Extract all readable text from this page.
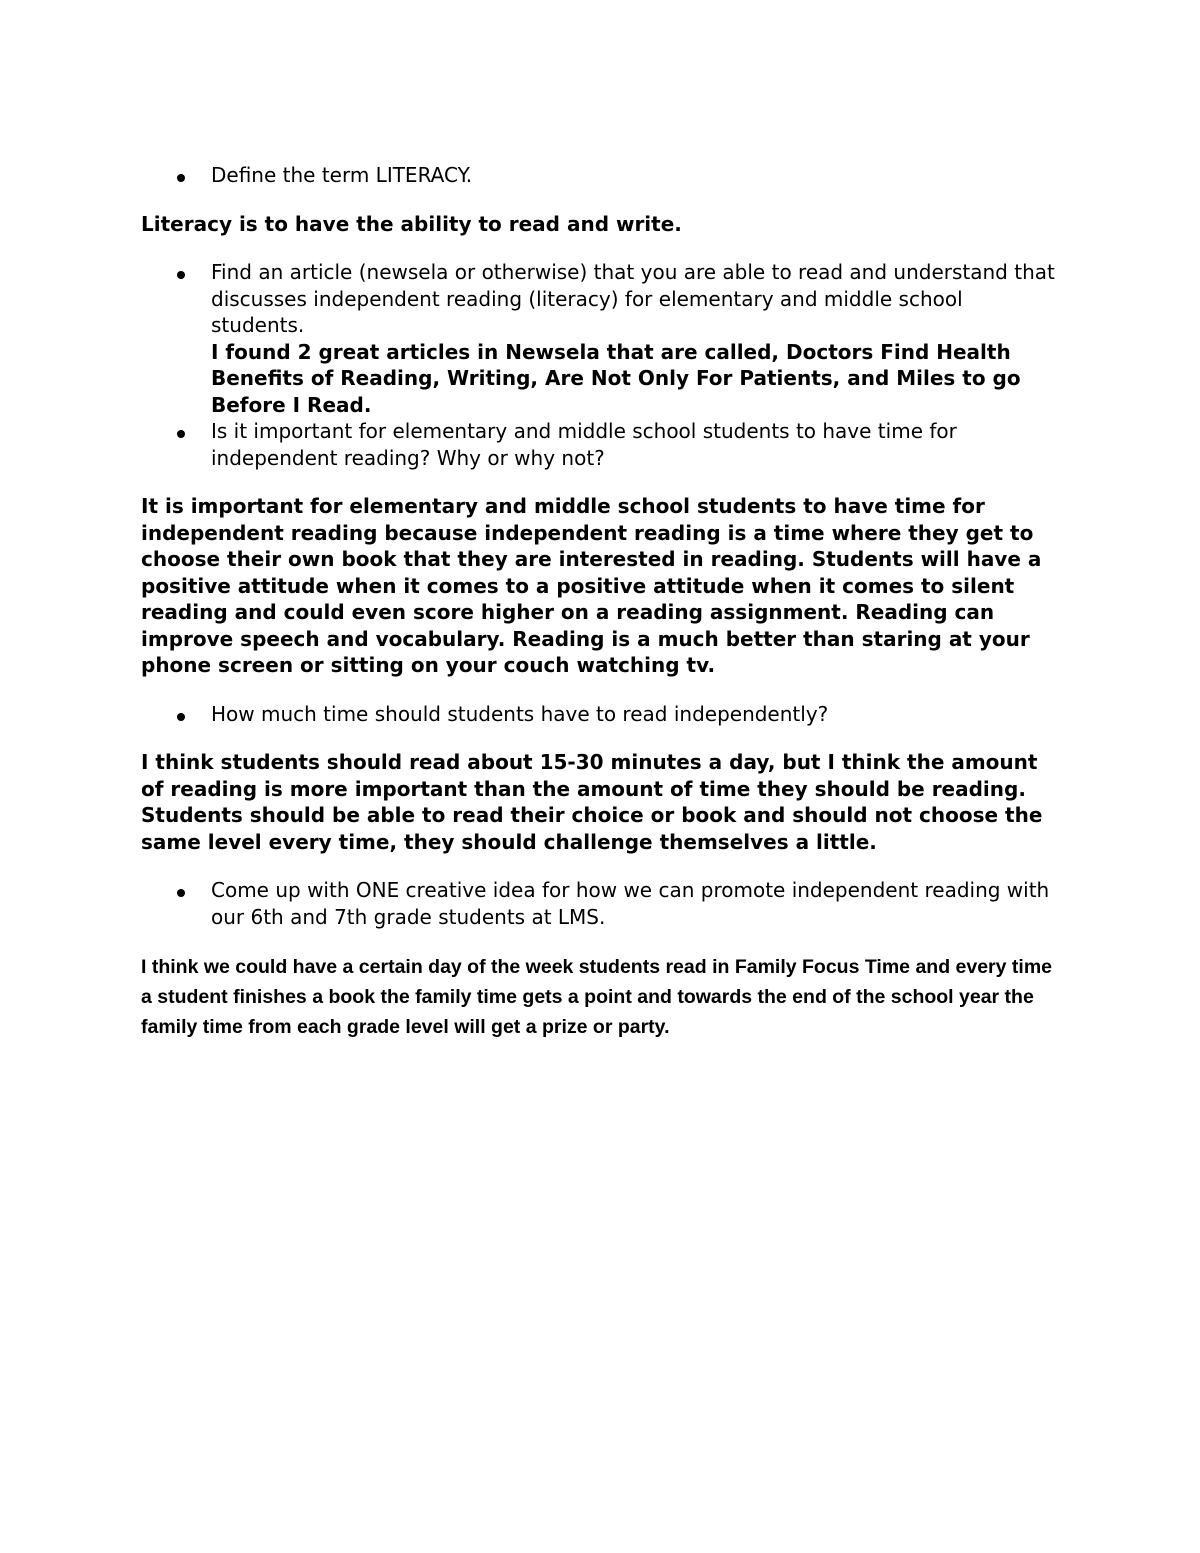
Define the term LITERACY.

Literacy is to have the ability to read and write.

Find an article (newsela or otherwise) that you are able to read and understand that discusses independent reading (literacy) for elementary and middle school students.
I found 2 great articles in Newsela that are called, Doctors Find Health Benefits of Reading, Writing, Are Not Only For Patients, and Miles to go Before I Read.
Is it important for elementary and middle school students to have time for independent reading? Why or why not?

It is important for elementary and middle school students to have time for independent reading because independent reading is a time where they get to choose their own book that they are interested in reading. Students will have a positive attitude when it comes to a positive attitude when it comes to silent reading and could even score higher on a reading assignment. Reading can improve speech and vocabulary. Reading is a much better than staring at your phone screen or sitting on your couch watching tv.

How much time should students have to read independently?

I think students should read about 15-30 minutes a day, but I think the amount of reading is more important than the amount of time they should be reading. Students should be able to read their choice or book and should not choose the same level every time, they should challenge themselves a little.

Come up with ONE creative idea for how we can promote independent reading with our 6th and 7th grade students at LMS.

I think we could have a certain day of the week students read in Family Focus Time and every time a student finishes a book the family time gets a point and towards the end of the school year the family time from each grade level will get a prize or party.
